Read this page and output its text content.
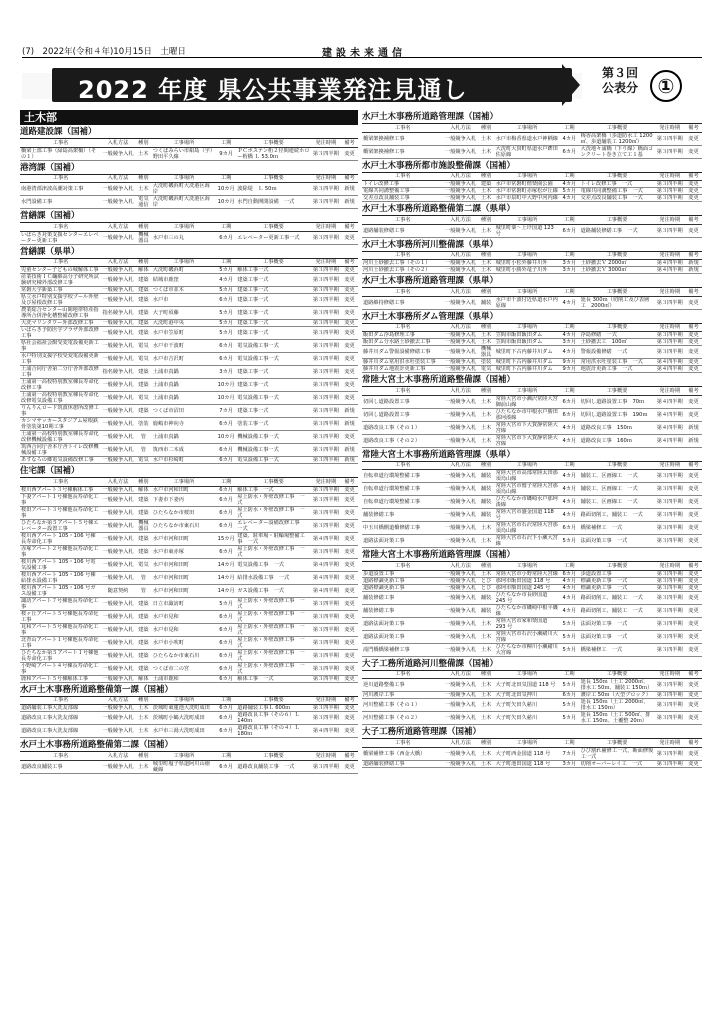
(7)　2022年(令和４年)10月15日　土曜日	建設未来通信
2022 年度 県公共事業発注見通し
第３回
公表分 ①
土木部
道路建設課（国補）
工事名	入札方法	種別	工事場所	工期	工事概要	発注時期	備考
橋梁上部工事（緑島高架橋）（その１）	一般競争入札	土木	つくばみらい市絹島（字）野田平久線	9カ月	ＰＣポステン桁２径間連続ホロー桁橋 Ｌ 53.0ｍ	第３四半期	変更
港湾課（国補）
工事名	入札方法	種別	工事場所	工期	工事概要	発注時期	備考
南港湾部津波高潮対策工事	一般競争入札	土木	大洗町磯浜町大洗港区海岸	10カ月	波除堤　Ｌ 50ｍ	第３四半期	新規
水門設備工事	一般競争入札	電気通信	大洗町磯浜町大洗港区海岸	10カ月	水門自動開閉設備　一式	第３四半期	新規
営繕課（国補）
工事名	入札方法	種別	工事場所	工期	工事概要	発注時期	備考
いばらき対策支援センターエレベーター更新工事	一般競争入札	機械器具	水戸市三の丸	6カ月	エレベーター更新工事一式	第３四半期	変更
営繕課（県単）
工事名	入札方法	種別	工事場所	工期	工事概要	発注時期	備考
児童センター子どもの城解体工事	一般競争入札	解体	大洗町磯浜町	5カ月	解体工事一式	第３四半期	変更
産業技術ＩＣ繊維高分子研究所試験研究棟外部改修工事	一般競争入札	建築	結城市鹿窪	4カ月	建築工事一式	第３四半期	変更
常磐大学新築工事	一般競争入札	建築	つくば市並木	5カ月	建築工事一式	第３四半期	変更
県立水戸特別支援学校プール外壁及び屋根改修工事	一般競争入札	建築	水戸市	6カ月	建築工事一式	第３四半期	変更
農業総合センター山間地帯特産指導所合併浄化槽整備改修工事	指名競争入札	建築	大子町頃藤	5カ月	建築工事一式	第３四半期	変更
大洗マリンタワー外部改修工事	一般競争入札	建築	大洗町港中央	5カ月	建築工事一式	第３四半期	変更
いばらき予防医学プラザ外部改修工事	一般競争入札	建築	水戸市笠原町	5カ月	建築工事一式	第３四半期	変更
県社会福祉会館受変電設備更新工事	一般競争入札	電気	水戸市千波町	6カ月	電気設備工事一式	第３四半期	変更
水戸特別支援学校受変電設備更新工事	一般競争入札	電気	水戸市吉沢町	6カ月	電気設備工事一式	第３四半期	変更
土浦合同庁舎第二分庁舎外部改修工事	指名競争入札	建築	土浦市真鍋	3カ月	建築工事一式	第３四半期	変更
土浦第一高校特別教室棟長寿命化改修工事	一般競争入札	建築	土浦市真鍋	10カ月	建築工事一式	第３四半期	変更
土浦第一高校特別教室棟長寿命化改修電気設備工事	一般競争入札	電気	土浦市真鍋	10カ月	電気設備工事一式	第３四半期	変更
りんりんロード筑波休憩所改修工事	一般競争入札	建築	つくば市沼田	7カ月	建築工事一式	第３四半期	新規
カシマサッカースタジアム屋根鉄骨塗装第10期工事	一般競争入札	塗装	鹿嶋市神向寺	6カ月	塗装工事一式	第３四半期	新規
土浦第一高校特別教室棟長寿命化改修機械設備工事	一般競争入札	管	土浦市真鍋	10カ月	機械設備工事一式	第３四半期	変更
筑西合同庁舎本庁舎トイレ改修機械設備工事	一般競争入札	管	筑西市二木成	6カ月	機械設備工事一式	第３四半期	新規
あすなろの郷電気設備改修工事	一般競争入札	電気	水戸市杉崎町	6カ月	電気設備工事一式	第３四半期	新規
住宅課（国補）
工事名	入札方法	種別	工事場所	工期	工事概要	発注時期	備考
桜川西アパート３号棟解体工事	一般競争入札	解体	水戸市河和田町	6カ月	解体工事　一式	第３四半期	変更
下妻アパート１号棟他長寿命化工事	一般競争入札	建築	下妻市下妻丙	6カ月	屋上防水・外壁改修工事　一式	第３四半期	変更
桜田アパート３号棟他長寿命化工事	一般競争入札	建築	ひたちなか市桜田	6カ月	屋上防水・外壁改修工事　一式	第３四半期	変更
ひたちなか第５アパート５号棟エレベーター設置工事	一般競争入札	機械器具	ひたちなか市東石川	6カ月	エレベーター設備改修工事　一式	第３四半期	変更
桜川西アパート 105・106 号棟長寿命化工事	一般競争入札	建築	水戸市河和田町	15カ月	建築、駐車場・駐輪場整備工事　一式	第４四半期	変更
赤塚アパート２号棟他長寿命化工事	一般競争入札	建築	水戸市東赤塚	6カ月	屋上防水・外壁改修工事　一式	第３四半期	変更
桜川西アパート 105・106 号電気設備工事	一般競争入札	電気	水戸市河和田町	14カ月	電気設備工事　一式	第４四半期	変更
桜川西アパート 105・106 号棟給排水設備工事	一般競争入札	管	水戸市河和田町	14カ月	給排水設備工事　一式	第４四半期	変更
桜川西アパート 105・106 号ガス設備工事	随意契約	管	水戸市河和田町	14カ月	ガス設備工事　一式	第４四半期	変更
諏訪アパート７号棟他長寿命化工事	一般競争入札	建築	日立市諏訪町	5カ月	屋上防水・外壁改修工事　一式	第３四半期	変更
桜ヶ丘アパート５号棟他長寿命化工事	一般競争入札	建築	水戸市見和	6カ月	屋上防水・外壁改修工事　一式	第３四半期	変更
見和アパート５号棟他長寿命化工事	一般競争入札	建築	水戸市見和	6カ月	屋上防水・外壁改修工事　一式	第３四半期	変更
北青山アパート１号棟他長寿命化工事	一般競争入札	建築	水戸市小吹町	6カ月	屋上防水・外壁改修工事　一式	第３四半期	変更
ひたちなか第５アパート１号棟他長寿命化工事	一般競争入札	建築	ひたちなか市東石川	6カ月	屋上防水・外壁改修工事　一式	第３四半期	変更
小野崎アパート４号棟長寿命化工事	一般競争入札	建築	つくば市二の宮	6カ月	屋上防水・外壁改修工事　一式	第３四半期	変更
鹿和アパート５号棟解体工事	一般競争入札	解体	土浦市鹿和	6カ月	解体工事　一式	第３四半期	変更
水戸土木事務所道路整備第一課（国補）
工事名	入札方法	種別	工事場所	工期	工事概要	発注時期	備考
道路舗装工事大洗友部線	一般競争入札	土木	茨城町東蓮池大洗町成田	6カ月	道路舗装工事Ｌ 600ｍ	第３四半期	変更
道路改良工事大洗友部線	一般競争入札	土木	茨城町小鶴大洗町成田	6カ月	道路改良工事（その６）Ｌ 140ｍ	第３四半期	変更
道路改良工事大洗友部線	一般競争入札	土木	水戸市三湯大洗町成田	6カ月	道路改良工事（その４）Ｌ 180ｍ	第４四半期	変更
水戸土木事務所道路整備第二課（国補）
工事名	入札方法	種別	工事場所	工期	工事概要	発注時期	備考
道路改良舗装工事	一般競争入札	土木	城里町塩子県道阿川山徳蔵線	6カ月	道路改良舗装工事　一式	第３四半期	変更
水戸土木事務所道路管理課（国補）
工事名	入札方法	種別	工事場所	工期	工事概要	発注時期	備考
橋梁架換補修工事	一般競争入札	土木	水戸市梅香県道水戸神栖線	4カ月	梅香高架橋（歩道防水工 1200㎡、歩道舗装工 1200㎡）	第３四半期	変更
橋梁架換補修工事	一般競争入札	土木	大洗町大貫町県道水戸鉾田佐原線	6カ月	大洗地々浦橋（下り線）橋面コンクリート巻き立て工１基	第３四半期	変更
水戸土木事務所都市施設整備課（国補）
工事名	入札方法	種別	工事場所	工期	工事概要	発注時期	備考
トイレ改修工事	一般競争入札	建築	水戸市常磐町偕楽園公園	4カ月	トイレ改修工事　一式	第３四半期	変更
電線共同溝整備工事	一般競争入札	土木	水戸市常磐町赤塚松が丘線	5カ月	電線共同溝整備工事　一式	第３四半期	変更
交差点改良舗装工事	一般競争入札	土木	水戸市泉町中大野中河内線	4カ月	交差点改良舗装工事　一式	第３四半期	変更
水戸土木事務所道路整備第二課（県単）
工事名	入札方法	種別	工事場所	工期	工事概要	発注時期	備考
道路舗装修繕工事	一般競争入札	土木	城里町粟～上圷国道 123 号	6カ月	道路舗装修繕工事　一式	第３四半期	変更
水戸土木事務所河川整備課（県単）
工事名	入札方法	種別	工事場所	工期	工事概要	発注時期	備考
河川土砂撤去工事（その１）	一般競争入札	土木	城里町小松外藤井川外	3カ月	土砂撤去Ｖ 2000㎥	第４四半期	新規
河川土砂撤去工事（その２）	一般競争入札	土木	城里町小勝外竜子川外	3カ月	土砂撤去Ｖ 3000㎥	第４四半期	新規
水戸土木事務所道路管理課（県単）
工事名	入札方法	種別	工事場所	工期	工事概要	発注時期	備考
道路維持修繕工事	一般競争入札	舗装	水戸市千波付近県道水戸内原線	4カ月	延長 300ｍ（切削工及び表層工　2000㎡）	第３四半期	変更
水戸土木事務所ダム管理課（県単）
工事名	入札方法	種別	工事場所	工期	工事概要	発注時期	備考
飯田ダム浮島修理工事	一般競争入札	土木	笠間市飯田飯田ダム	4カ月	浮島修繕　一式	第３四半期	変更
飯田ダム分水路土砂撤去工事	一般競争入札	土木	笠間市飯田飯田ダム	3カ月	土砂撤去工　100㎥	第３四半期	変更
藤井川ダム警報設備修繕工事	一般競争入札	機械器具	城里町下古内藤井川ダム	4カ月	警報設備修繕　一式	第３四半期	変更
藤井川ダム常用洪水吐塗装工事	一般競争入札	塗装	城里町下古内藤井川ダム	9カ月	常用洪水吐塗装工事　一式	第４四半期	変更
藤井川ダム地震計更新工事	一般競争入札	電気	城里町下古内藤井川ダム	9カ月	地震計更新工事　一式	第４四半期	変更
常陸大宮土木事務所道路整備課（国補）
工事名	入札方法	種別	工事場所	工期	工事概要	発注時期	備考
切回し道路設置工事	一般競争入札	土木	常陸大宮市小瀬沢常陸大宮御前山線	6カ月	切回し道路設置工事　70ｍ	第４四半期	変更
切回し道路設置工事	一般競争入札	土木	ひたちなか市中根水戸勝田那珂湊線	6カ月	切回し道路設置工事　190ｍ	第４四半期	変更
道路改良工事（その１）	一般競争入札	土木	常陸大宮市下大賀静常陸大宮線	4カ月	道路改良工事　150ｍ	第４四半期	新規
道路改良工事（その２）	一般競争入札	土木	常陸大宮市下大賀静常陸大宮線	4カ月	道路改良工事　160ｍ	第４四半期	新規
常陸大宮土木事務所道路管理課（県単）
工事名	入札方法	種別	工事場所	工期	工事概要	発注時期	備考
自転車道行環境整備工事	一般競争入札	舗装	常陸大宮市高部常陸太田那須烏山線	4カ月	舗装工、区画線工　一式	第３四半期	変更
自転車道行環境整備工事	一般競争入札	舗装	常陸大宮市鷲子常陸大宮那須烏山線	4カ月	舗装工、区画線工　一式	第３四半期	変更
自転車道行環境整備工事	一般競争入札	舗装	ひたちなか市磯崎水戸那珂湊線	4カ月	舗装工、区画線工　一式	第３四半期	変更
舗装修繕工事	一般競争入札	舗装	常陸大宮市盛金国道 118 号	4カ月	路面切削工、舗装工　一式	第３四半期	変更
中玉川橋側道橋修繕工事	一般競争入札	土木	常陸大宮市石沢常陸大宮那須烏山線	6カ月	橋梁補修工　一式	第３四半期	変更
道路法面対策工事	一般競争入札	土木	常陸大宮市石沢下小瀬大宮線	5カ月	法面対策工事　一式	第３四半期	変更
常陸大宮土木事務所道路管理課（国補）
工事名	入札方法	種別	工事場所	工期	工事概要	発注時期	備考
歩道設置工事	一般競争入札	土木	常陸大宮市小野常陸大宮線	6カ月	歩道設置工事	第３四半期	変更
道路標識更新工事	一般競争入札	とび	那珂市飯田国道 118 号	4カ月	標識更新工事　一式	第３四半期	変更
道路標識更新工事	一般競争入札	とび	那珂市額田国道 245 号	4カ月	標識更新工事　一式	第３四半期	変更
舗装修繕工事	一般競争入札	舗装	ひたちなか市長砂国道 245 号	4カ月	路面切削工、舗装工　一式	第３四半期	変更
舗装修繕工事	一般競争入札	舗装	ひたちなか市磯崎中根平磯線	4カ月	路面切削工、舗装工　一式	第３四半期	変更
道路法面対策工事	一般競争入札	土木	常陸大宮市家和楽国道 293 号	5カ月	法面対策工事　一式	第３四半期	変更
道路法面対策工事	一般競争入札	土木	常陸大宮市石沢小瀬緒川大宮線	5カ月	法面対策工事　一式	第３四半期	変更
滝門橋橋梁補修工事	一般競争入札	土木	ひたちなか市柳川小瀬緒川大宮線	5カ月	橋梁補修工　一式	第３四半期	変更
大子工務所道路河川整備課（国補）
工事名	入札方法	種別	工事場所	工期	工事概要	発注時期	備考
逆川道路整備工事	一般競争入札	土木	大子町北田気国道 118 号	5カ月	延長 150ｍ（土工 2000㎥、排水工 50ｍ、舗装工 150ｍ）	第３四半期	変更
河川護岸工事	一般競争入札	土木	大子町北田気押川	6カ月	護岸工 50ｍ（大型ブロック）	第３四半期	変更
河川整備工事（その１）	一般競争入札	土木	大子町矢田久慈川	5カ月	延長 150ｍ（土工 2000㎥、排水工 150ｍ）	第３四半期	変更
河川整備工事（その２）	一般競争入札	土木	大子町矢田久慈川	5カ月	延長 150ｍ（土工 500㎥、排水工 150ｍ、土覆整 20ｍ）	第３四半期	変更
大子工務所道路管理課（国補）
工事名	入札方法	種別	工事場所	工期	工事概要	発注時期	備考
橋梁補修工事（西金大橋）	一般競争入札	土木	大子町西金国道 118 号	7カ月	ひび割れ補修工一式、断面修復工一式	第３四半期	変更
道路舗装修繕工事	一般競争入札	土木	大子町池田国道 118 号	3カ月	切削オーバーレイ工　一式	第３四半期	変更
